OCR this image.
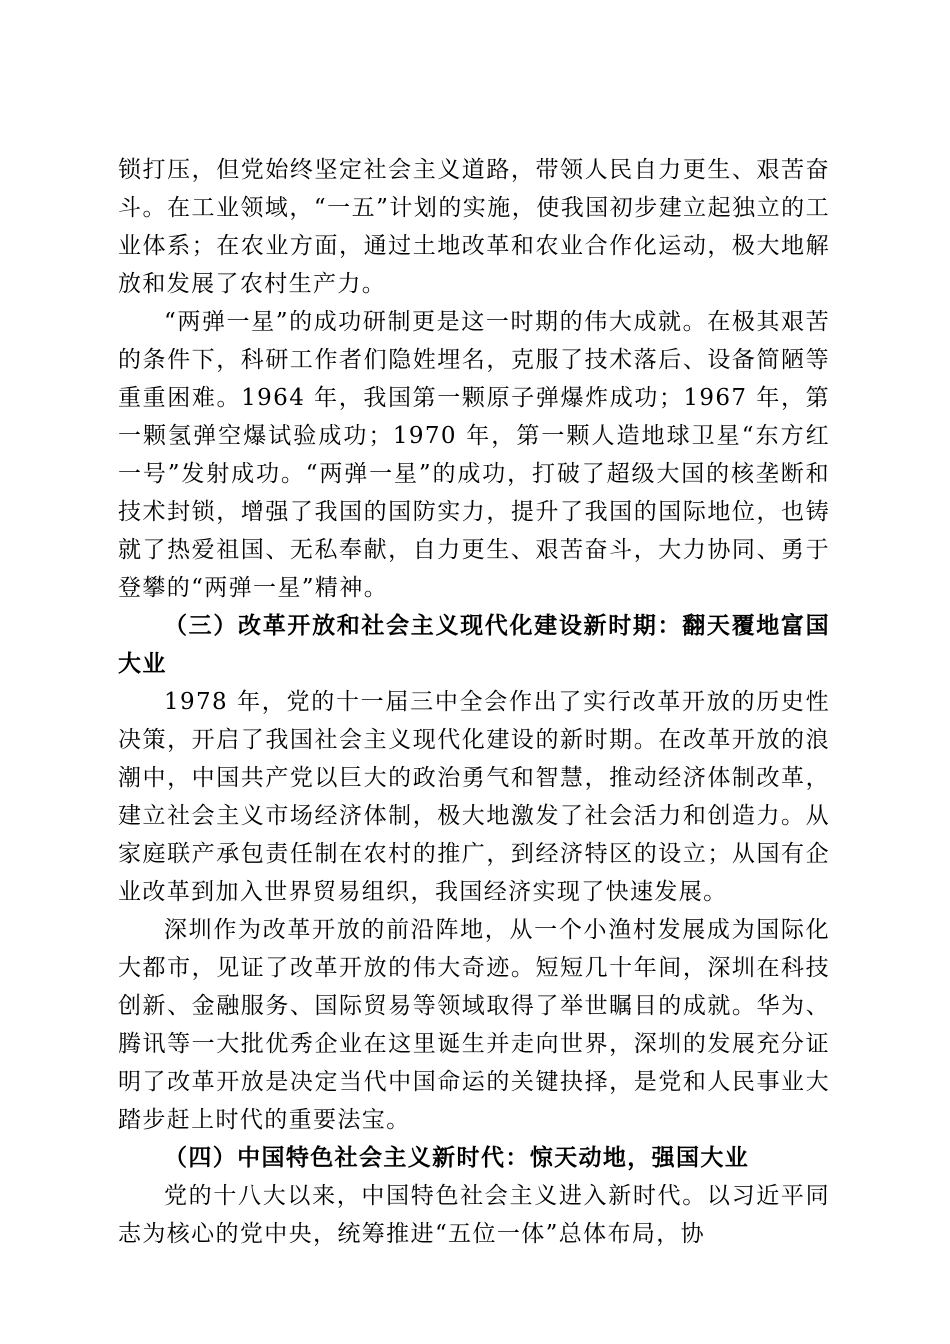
锁打压，但党始终坚定社会主义道路，带领人民自力更生、艰苦奋斗。在工业领域，“一五”计划的实施，使我国初步建立起独立的工业体系；在农业方面，通过土地改革和农业合作化运动，极大地解放和发展了农村生产力。

“两弹一星”的成功研制更是这一时期的伟大成就。在极其艰苦的条件下，科研工作者们隐姓埋名，克服了技术落后、设备简陋等重重困难。1964 年，我国第一颗原子弹爆炸成功；1967 年，第一颗氢弹空爆试验成功；1970 年，第一颗人造地球卫星“东方红一号”发射成功。“两弹一星”的成功，打破了超级大国的核垄断和技术封锁，增强了我国的国防实力，提升了我国的国际地位，也铸就了热爱祖国、无私奉献，自力更生、艰苦奋斗，大力协同、勇于登攀的“两弹一星”精神。

（三）改革开放和社会主义现代化建设新时期：翻天覆地富国大业

1978 年，党的十一届三中全会作出了实行改革开放的历史性决策，开启了我国社会主义现代化建设的新时期。在改革开放的浪潮中，中国共产党以巨大的政治勇气和智慧，推动经济体制改革，建立社会主义市场经济体制，极大地激发了社会活力和创造力。从家庭联产承包责任制在农村的推广，到经济特区的设立；从国有企业改革到加入世界贸易组织，我国经济实现了快速发展。

深圳作为改革开放的前沿阵地，从一个小渔村发展成为国际化大都市，见证了改革开放的伟大奇迹。短短几十年间，深圳在科技创新、金融服务、国际贸易等领域取得了举世瞩目的成就。华为、腾讯等一大批优秀企业在这里诞生并走向世界，深圳的发展充分证明了改革开放是决定当代中国命运的关键抉择，是党和人民事业大踏步赶上时代的重要法宝。

（四）中国特色社会主义新时代：惊天动地，强国大业

党的十八大以来，中国特色社会主义进入新时代。以习近平同志为核心的党中央，统筹推进“五位一体”总体布局，协
